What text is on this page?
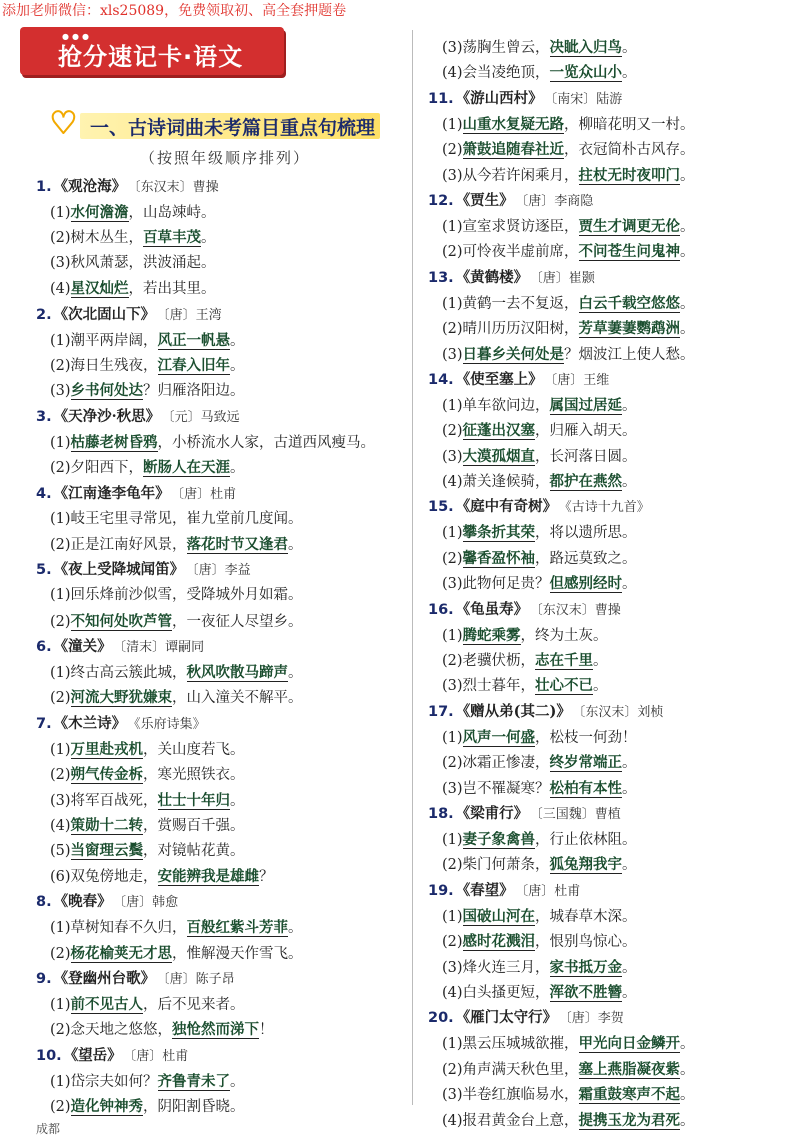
添加老师微信：xls25089，免费领取初、高全套押题卷
●●●
抢分速记卡·语文
♥ 一、古诗词曲未考篇目重点句梳理
（按照年级顺序排列）
1. 《观沧海》 〔东汉末〕曹操
(1)水何澹澹，山岛竦峙。
(2)树木丛生，百草丰茂。
(3)秋风萧瑟，洪波涌起。
(4)星汉灿烂，若出其里。
2. 《次北固山下》 〔唐〕王湾
(1)潮平两岸阔，风正一帆悬。
(2)海日生残夜，江春入旧年。
(3)乡书何处达？归雁洛阳边。
3. 《天净沙·秋思》 〔元〕马致远
(1)枯藤老树昏鸦，小桥流水人家，古道西风瘦马。
(2)夕阳西下，断肠人在天涯。
4. 《江南逢李龟年》 〔唐〕杜甫
(1)岐王宅里寻常见，崔九堂前几度闻。
(2)正是江南好风景，落花时节又逢君。
5. 《夜上受降城闻笛》 〔唐〕李益
(1)回乐烽前沙似雪，受降城外月如霜。
(2)不知何处吹芦管，一夜征人尽望乡。
6. 《潼关》 〔清末〕谭嗣同
(1)终古高云簇此城，秋风吹散马蹄声。
(2)河流大野犹嫌束，山入潼关不解平。
7. 《木兰诗》 《乐府诗集》
(1)万里赴戎机，关山度若飞。
(2)朔气传金柝，寒光照铁衣。
(3)将军百战死，壮士十年归。
(4)策勋十二转，赏赐百千强。
(5)当窗理云鬓，对镜帖花黄。
(6)双兔傍地走，安能辨我是雄雌？
8. 《晚春》 〔唐〕韩愈
(1)草树知春不久归，百般红紫斗芳菲。
(2)杨花榆荚无才思，惟解漫天作雪飞。
9. 《登幽州台歌》 〔唐〕陈子昂
(1)前不见古人，后不见来者。
(2)念天地之悠悠，独怆然而涕下！
10. 《望岳》 〔唐〕杜甫
(1)岱宗夫如何？齐鲁青未了。
(2)造化钟神秀，阴阳割昏晓。
(3)荡胸生曾云，决眦入归鸟。
(4)会当凌绝顶，一览众山小。
11. 《游山西村》 〔南宋〕陆游
(1)山重水复疑无路，柳暗花明又一村。
(2)箫鼓追随春社近，衣冠简朴古风存。
(3)从今若许闲乘月，拄杖无时夜叩门。
12. 《贾生》 〔唐〕李商隐
(1)宣室求贤访逐臣，贾生才调更无伦。
(2)可怜夜半虚前席，不问苍生问鬼神。
13. 《黄鹤楼》 〔唐〕崔颢
(1)黄鹤一去不复返，白云千载空悠悠。
(2)晴川历历汉阳树，芳草萋萋鹦鹉洲。
(3)日暮乡关何处是？烟波江上使人愁。
14. 《使至塞上》 〔唐〕王维
(1)单车欲问边，属国过居延。
(2)征蓬出汉塞，归雁入胡天。
(3)大漠孤烟直，长河落日圆。
(4)萧关逢候骑，都护在燕然。
15. 《庭中有奇树》 《古诗十九首》
(1)攀条折其荣，将以遗所思。
(2)馨香盈怀袖，路远莫致之。
(3)此物何足贵？但感别经时。
16. 《龟虽寿》 〔东汉末〕曹操
(1)腾蛇乘雾，终为土灰。
(2)老骥伏枥，志在千里。
(3)烈士暮年，壮心不已。
17. 《赠从弟(其二)》 〔东汉末〕刘桢
(1)风声一何盛，松枝一何劲！
(2)冰霜正惨凄，终岁常端正。
(3)岂不罹凝寒？松柏有本性。
18. 《梁甫行》 〔三国魏〕曹植
(1)妻子象禽兽，行止依林阻。
(2)柴门何萧条，狐兔翔我宇。
19. 《春望》 〔唐〕杜甫
(1)国破山河在，城春草木深。
(2)感时花溅泪，恨别鸟惊心。
(3)烽火连三月，家书抵万金。
(4)白头搔更短，浑欲不胜簪。
20. 《雁门太守行》 〔唐〕李贺
(1)黑云压城城欲摧，甲光向日金鳞开。
(2)角声满天秋色里，塞上燕脂凝夜紫。
(3)半卷红旗临易水，霜重鼓寒声不起。
(4)报君黄金台上意，提携玉龙为君死。
成都
